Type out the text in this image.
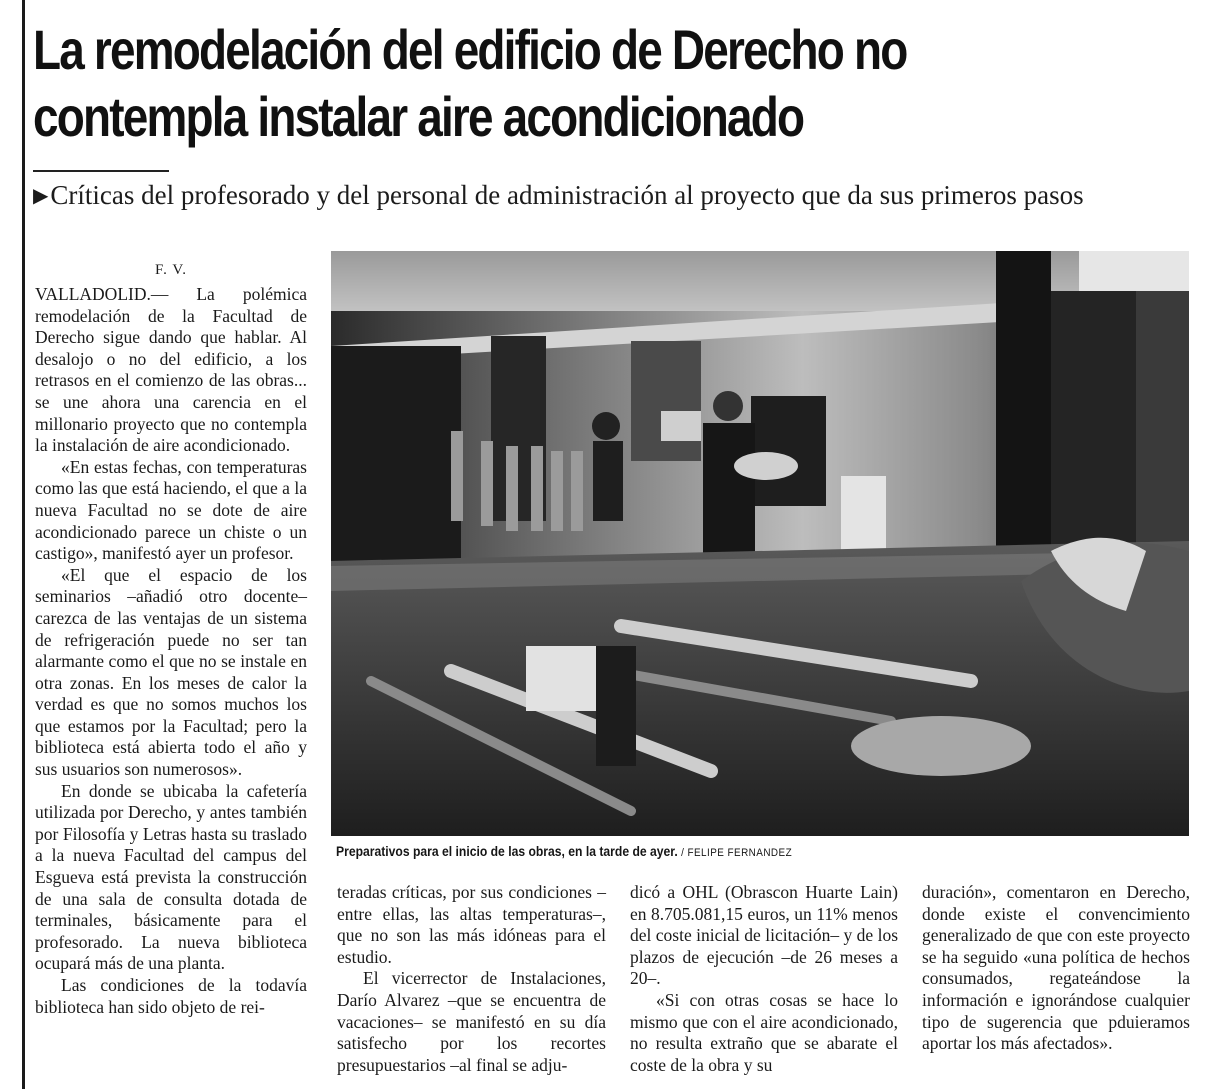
La remodelación del edificio de Derecho no
contempla instalar aire acondicionado
▶Críticas del profesorado y del personal de administración al proyecto que da sus primeros pasos
F. V.

VALLADOLID.— La polémica remodelación de la Facultad de Derecho sigue dando que hablar. Al desalojo o no del edificio, a los retrasos en el comienzo de las obras... se une ahora una carencia en el millonario proyecto que no contempla la instalación de aire acondicionado.

«En estas fechas, con temperaturas como las que está haciendo, el que a la nueva Facultad no se dote de aire acondicionado parece un chiste o un castigo», manifestó ayer un profesor.

«El que el espacio de los seminarios –añadió otro docente– carezca de las ventajas de un sistema de refrigeración puede no ser tan alarmante como el que no se instale en otra zonas. En los meses de calor la verdad es que no somos muchos los que estamos por la Facultad; pero la biblioteca está abierta todo el año y sus usuarios son numerosos».

En donde se ubicaba la cafetería utilizada por Derecho, y antes también por Filosofía y Letras hasta su traslado a la nueva Facultad del campus del Esgueva está prevista la construcción de una sala de consulta dotada de terminales, básicamente para el profesorado. La nueva biblioteca ocupará más de una planta.

Las condiciones de la todavía biblioteca han sido objeto de rei-

Preparativos para el inicio de las obras, en la tarde de ayer. / FELIPE FERNANDEZ

teradas críticas, por sus condiciones –entre ellas, las altas temperaturas–, que no son las más idóneas para el estudio.

El vicerrector de Instalaciones, Darío Alvarez –que se encuentra de vacaciones– se manifestó en su día satisfecho por los recortes presupuestarios –al final se adju-

dicó a OHL (Obrascon Huarte Lain) en 8.705.081,15 euros, un 11% menos del coste inicial de licitación– y de los plazos de ejecución –de 26 meses a 20–.

«Si con otras cosas se hace lo mismo que con el aire acondicionado, no resulta extraño que se abarate el coste de la obra y su

duración», comentaron en Derecho, donde existe el convencimiento generalizado de que con este proyecto se ha seguido «una política de hechos consumados, regateándose la información e ignorándose cualquier tipo de sugerencia que pduieramos aportar los más afectados».
